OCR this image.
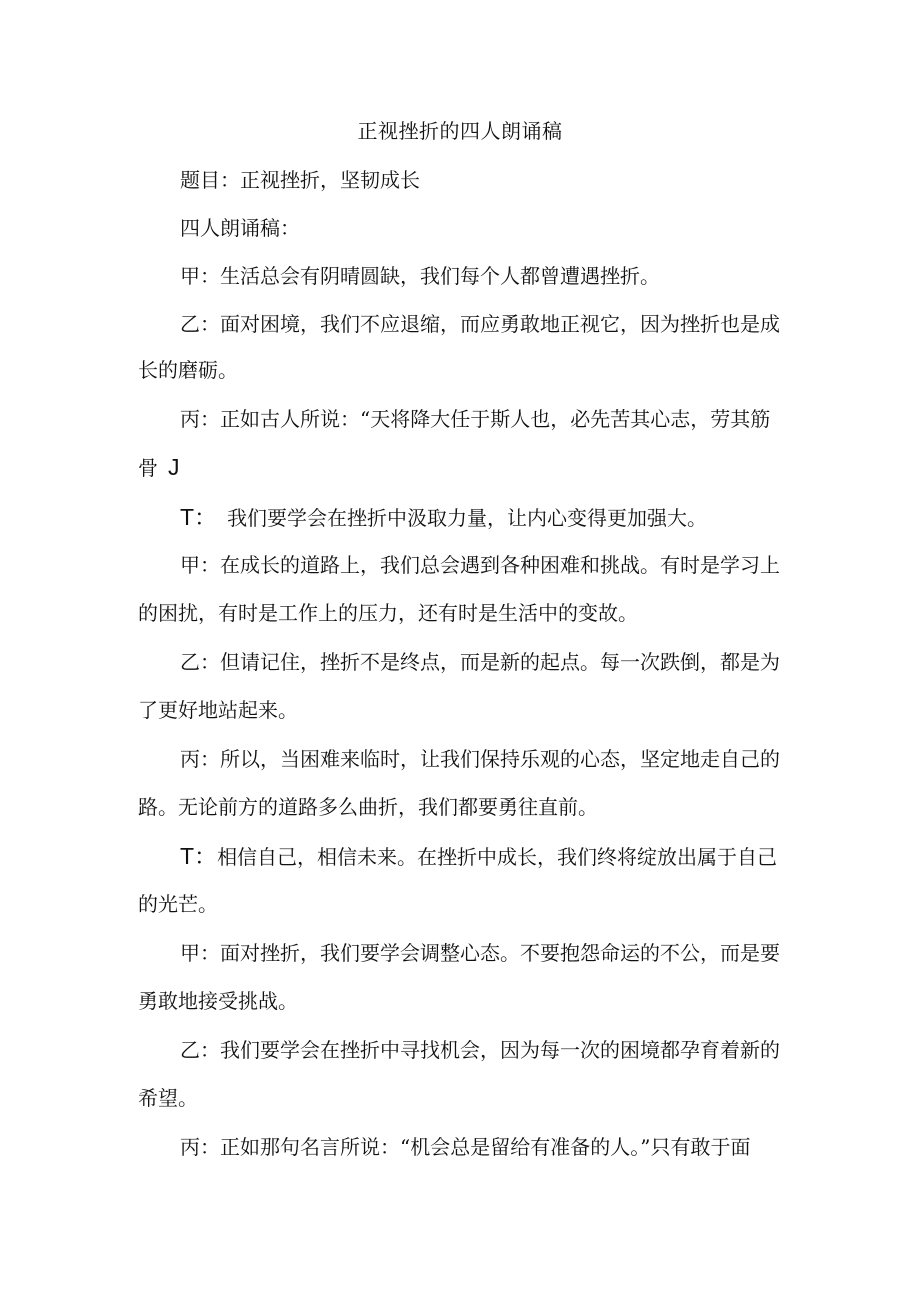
正视挫折的四人朗诵稿
题目：正视挫折，坚韧成长
四人朗诵稿：
甲：生活总会有阴晴圆缺，我们每个人都曾遭遇挫折。
乙：面对困境，我们不应退缩，而应勇敢地正视它，因为挫折也是成
长的磨砺。
丙：正如古人所说：“天将降大任于斯人也，必先苦其心志，劳其筋
骨 J
T： 我们要学会在挫折中汲取力量，让内心变得更加强大。
甲：在成长的道路上，我们总会遇到各种困难和挑战。有时是学习上
的困扰，有时是工作上的压力，还有时是生活中的变故。
乙：但请记住，挫折不是终点，而是新的起点。每一次跌倒，都是为
了更好地站起来。
丙：所以，当困难来临时，让我们保持乐观的心态，坚定地走自己的
路。无论前方的道路多么曲折，我们都要勇往直前。
T：相信自己，相信未来。在挫折中成长，我们终将绽放出属于自己
的光芒。
甲：面对挫折，我们要学会调整心态。不要抱怨命运的不公，而是要
勇敢地接受挑战。
乙：我们要学会在挫折中寻找机会，因为每一次的困境都孕育着新的
希望。
丙：正如那句名言所说：“机会总是留给有准备的人。”只有敢于面
